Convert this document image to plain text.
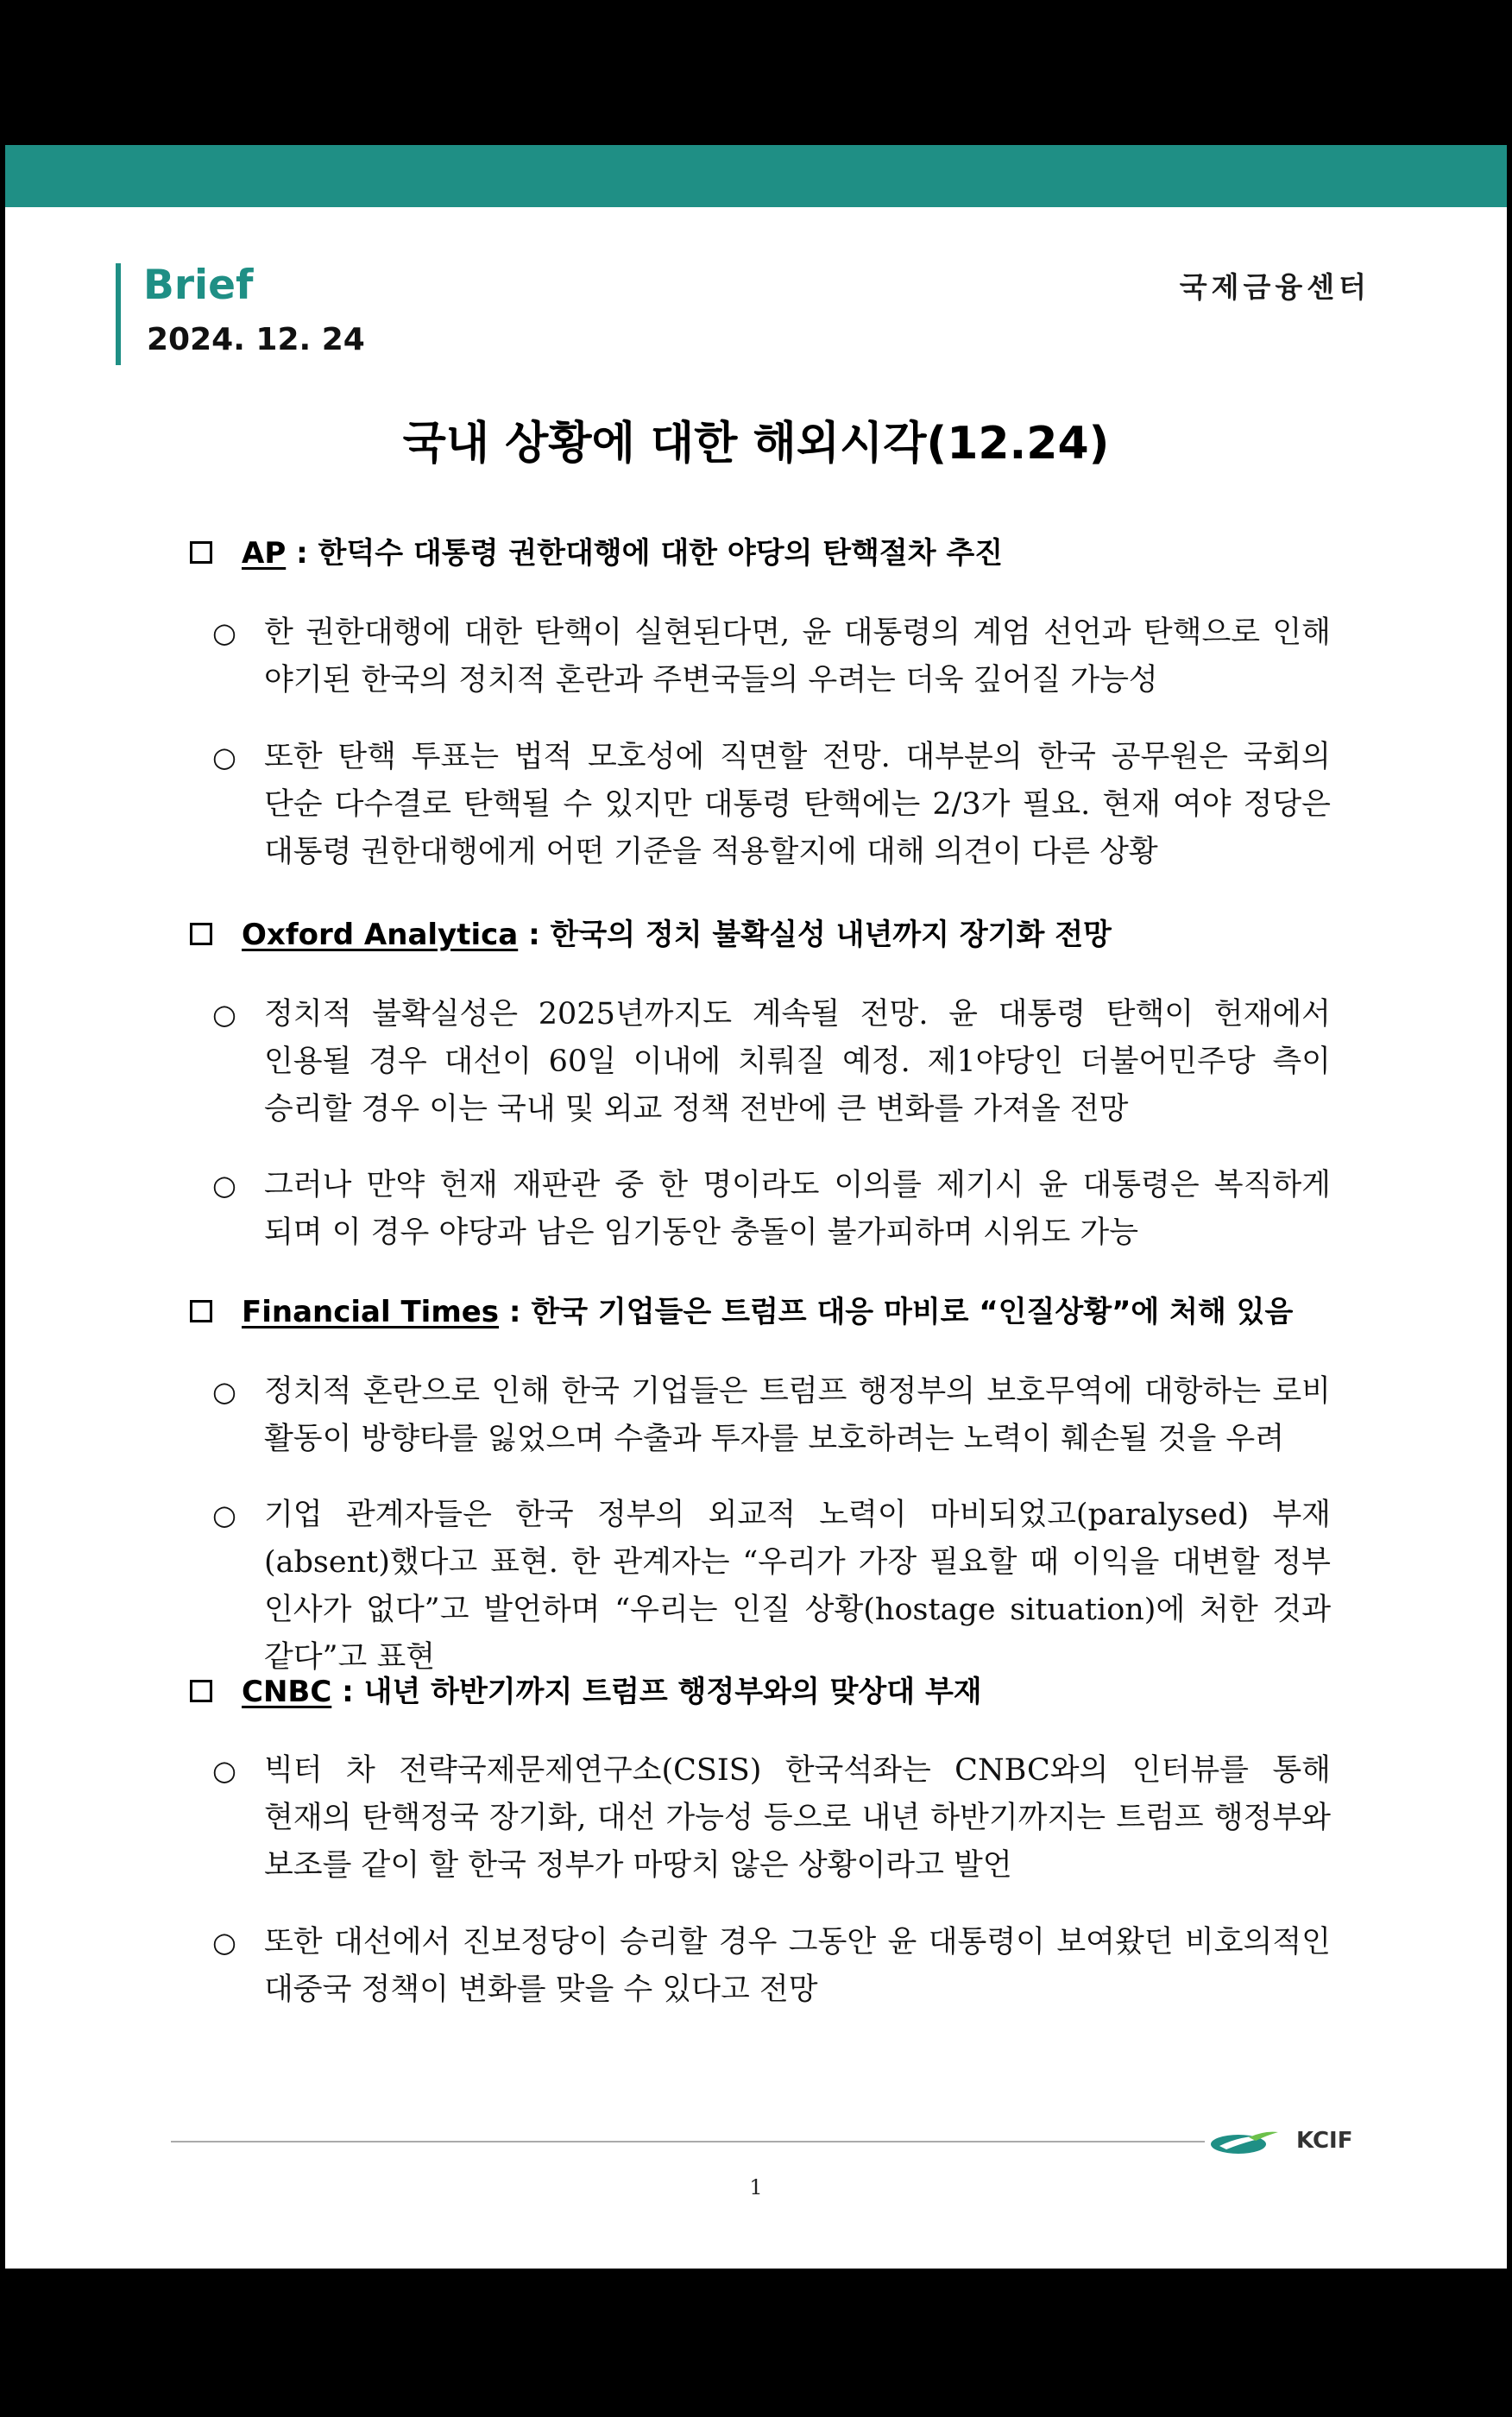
Brief
2024. 12. 24
국제금융센터
국내 상황에 대한 해외시각(12.24)
AP : 한덕수 대통령 권한대행에 대한 야당의 탄핵절차 추진
○ 한 권한대행에 대한 탄핵이 실현된다면, 윤 대통령의 계엄 선언과 탄핵으로 인해 야기된 한국의 정치적 혼란과 주변국들의 우려는 더욱 깊어질 가능성
○ 또한 탄핵 투표는 법적 모호성에 직면할 전망. 대부분의 한국 공무원은 국회의 단순 다수결로 탄핵될 수 있지만 대통령 탄핵에는 2/3가 필요. 현재 여야 정당은 대통령 권한대행에게 어떤 기준을 적용할지에 대해 의견이 다른 상황
Oxford Analytica : 한국의 정치 불확실성 내년까지 장기화 전망
○ 정치적 불확실성은 2025년까지도 계속될 전망. 윤 대통령 탄핵이 헌재에서 인용될 경우 대선이 60일 이내에 치뤄질 예정. 제1야당인 더불어민주당 측이 승리할 경우 이는 국내 및 외교 정책 전반에 큰 변화를 가져올 전망
○ 그러나 만약 헌재 재판관 중 한 명이라도 이의를 제기시 윤 대통령은 복직하게 되며 이 경우 야당과 남은 임기동안 충돌이 불가피하며 시위도 가능
Financial Times : 한국 기업들은 트럼프 대응 마비로 “인질상황”에 처해 있음
○ 정치적 혼란으로 인해 한국 기업들은 트럼프 행정부의 보호무역에 대항하는 로비 활동이 방향타를 잃었으며 수출과 투자를 보호하려는 노력이 훼손될 것을 우려
○ 기업 관계자들은 한국 정부의 외교적 노력이 마비되었고(paralysed) 부재(absent)했다고 표현. 한 관계자는 “우리가 가장 필요할 때 이익을 대변할 정부 인사가 없다”고 발언하며 “우리는 인질 상황(hostage situation)에 처한 것과 같다”고 표현
CNBC : 내년 하반기까지 트럼프 행정부와의 맞상대 부재
○ 빅터 차 전략국제문제연구소(CSIS) 한국석좌는 CNBC와의 인터뷰를 통해 현재의 탄핵정국 장기화, 대선 가능성 등으로 내년 하반기까지는 트럼프 행정부와 보조를 같이 할 한국 정부가 마땅치 않은 상황이라고 발언
○ 또한 대선에서 진보정당이 승리할 경우 그동안 윤 대통령이 보여왔던 비호의적인 대중국 정책이 변화를 맞을 수 있다고 전망
KCIF
1
